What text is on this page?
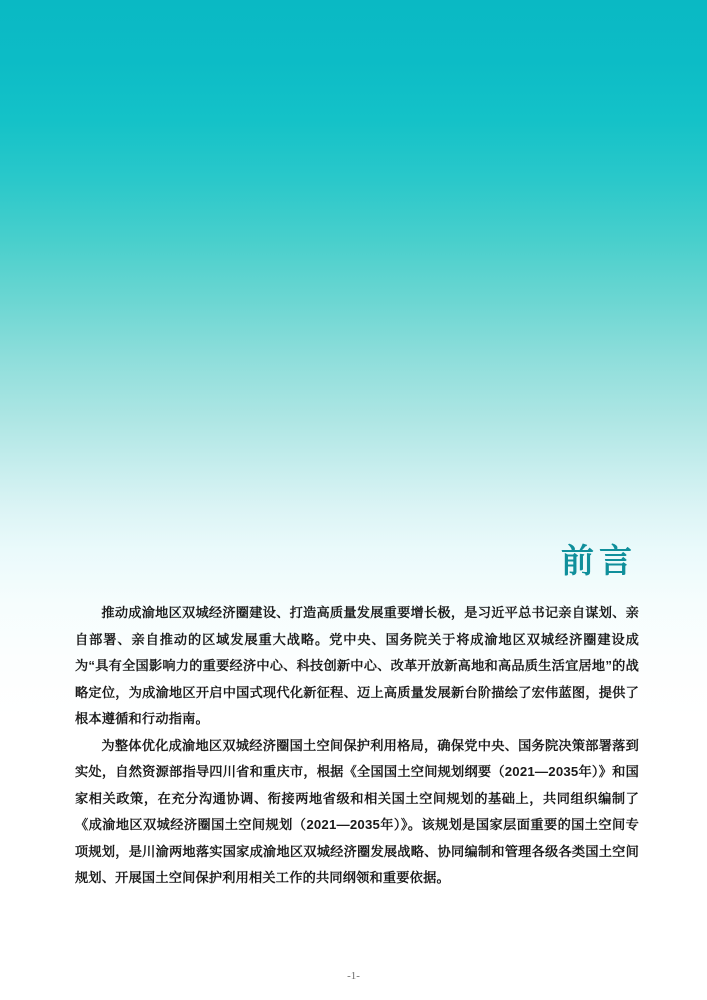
前言

推动成渝地区双城经济圈建设、打造高质量发展重要增长极，是习近平总书记亲自谋划、亲自部署、亲自推动的区域发展重大战略。党中央、国务院关于将成渝地区双城经济圈建设成为“具有全国影响力的重要经济中心、科技创新中心、改革开放新高地和高品质生活宜居地”的战略定位，为成渝地区开启中国式现代化新征程、迈上高质量发展新台阶描绘了宏伟蓝图，提供了根本遵循和行动指南。

为整体优化成渝地区双城经济圈国土空间保护利用格局，确保党中央、国务院决策部署落到实处，自然资源部指导四川省和重庆市，根据《全国国土空间规划纲要（2021—2035年）》和国家相关政策，在充分沟通协调、衔接两地省级和相关国土空间规划的基础上，共同组织编制了《成渝地区双城经济圈国土空间规划（2021—2035年）》。该规划是国家层面重要的国土空间专项规划，是川渝两地落实国家成渝地区双城经济圈发展战略、协同编制和管理各级各类国土空间规划、开展国土空间保护利用相关工作的共同纲领和重要依据。

-1-
